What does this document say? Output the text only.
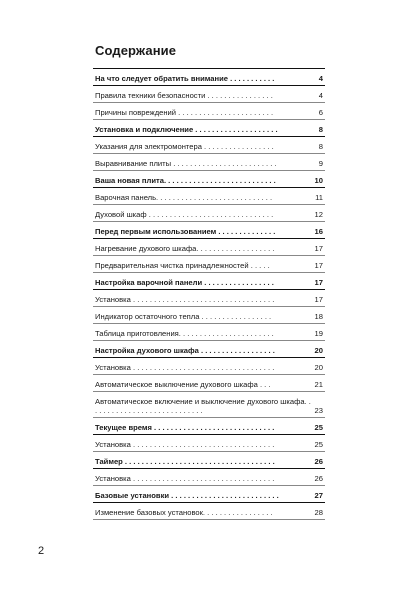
Содержание
На что следует обратить внимание . . . . . . . . . . .	4
Правила техники безопасности . . . . . . . . . . . . . . . .	4
Причины повреждений . . . . . . . . . . . . . . . . . . . . . . .	6
Установка и подключение . . . . . . . . . . . . . . . . . . . .	8
Указания для электромонтера . . . . . . . . . . . . . . . . .	8
Выравнивание плиты . . . . . . . . . . . . . . . . . . . . . . . . .	9
Ваша новая плита. . . . . . . . . . . . . . . . . . . . . . . . . . .	10
Варочная панель. . . . . . . . . . . . . . . . . . . . . . . . . . . .	11
Духовой шкаф . . . . . . . . . . . . . . . . . . . . . . . . . . . . . .	12
Перед первым использованием . . . . . . . . . . . . . .	16
Нагревание духового шкафа. . . . . . . . . . . . . . . . . . .	17
Предварительная чистка принадлежностей . . . . .	17
Настройка варочной панели . . . . . . . . . . . . . . . . .	17
Установка . . . . . . . . . . . . . . . . . . . . . . . . . . . . . . . . . .	17
Индикатор остаточного тепла . . . . . . . . . . . . . . . . .	18
Таблица приготовления. . . . . . . . . . . . . . . . . . . . . . .	19
Настройка духового шкафа . . . . . . . . . . . . . . . . . .	20
Установка . . . . . . . . . . . . . . . . . . . . . . . . . . . . . . . . . .	20
Автоматическое выключение духового шкафа . . .	21
Автоматическое включение и выключение духового шкафа. . . . . . . . . . . . . . . . . . . . . . . . . . . .	23
Текущее время . . . . . . . . . . . . . . . . . . . . . . . . . . . . .	25
Установка . . . . . . . . . . . . . . . . . . . . . . . . . . . . . . . . . .	25
Таймер . . . . . . . . . . . . . . . . . . . . . . . . . . . . . . . . . . . .	26
Установка . . . . . . . . . . . . . . . . . . . . . . . . . . . . . . . . . .	26
Базовые установки . . . . . . . . . . . . . . . . . . . . . . . . . .	27
Изменение базовых установок. . . . . . . . . . . . . . . . .	28
2
